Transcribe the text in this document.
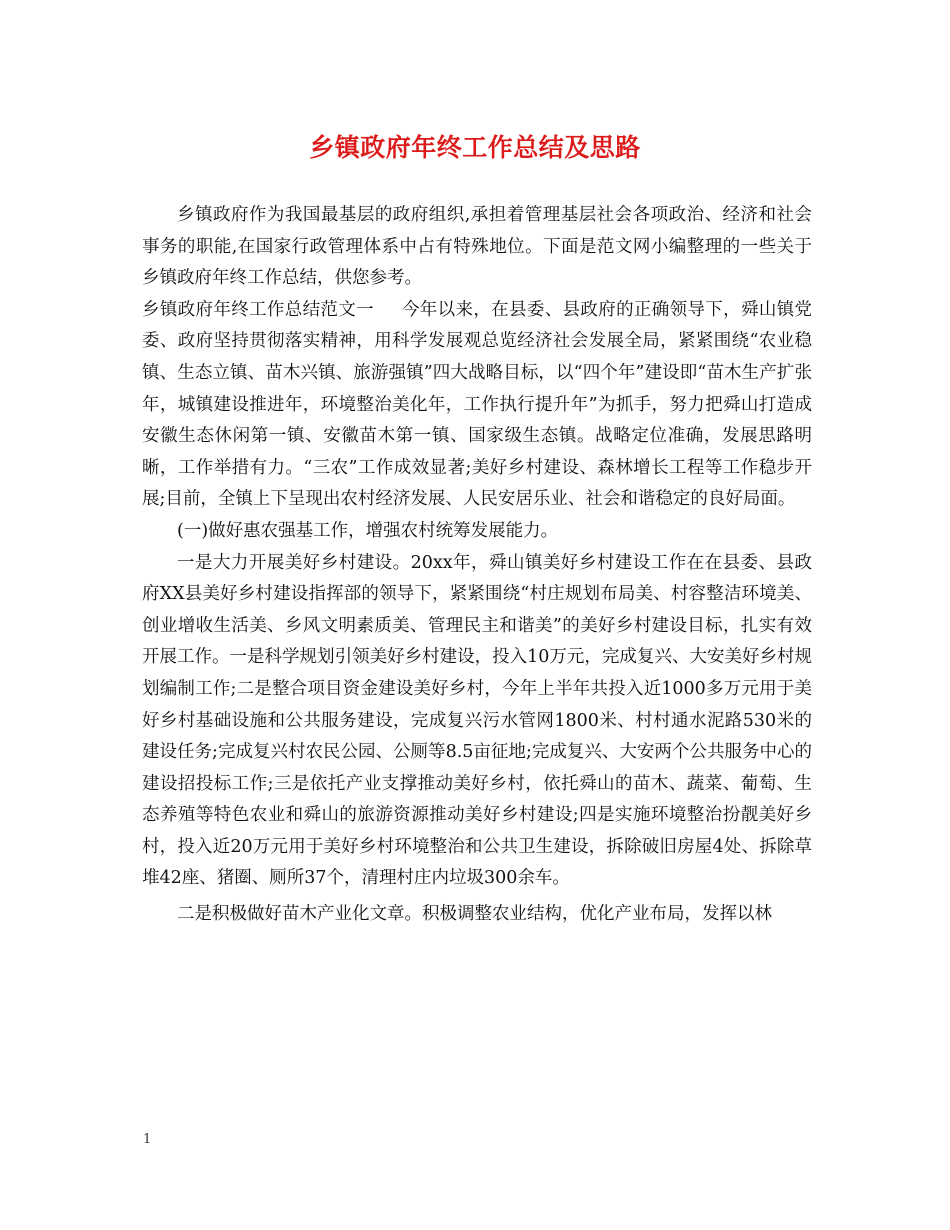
乡镇政府年终工作总结及思路

乡镇政府作为我国最基层的政府组织,承担着管理基层社会各项政治、经济和社会事务的职能,在国家行政管理体系中占有特殊地位。下面是范文网小编整理的一些关于乡镇政府年终工作总结，供您参考。

乡镇政府年终工作总结范文一 今年以来，在县委、县政府的正确领导下，舜山镇党委、政府坚持贯彻落实精神，用科学发展观总览经济社会发展全局，紧紧围绕“农业稳镇、生态立镇、苗木兴镇、旅游强镇”四大战略目标，以“四个年”建设即“苗木生产扩张年，城镇建设推进年，环境整治美化年，工作执行提升年”为抓手，努力把舜山打造成安徽生态休闲第一镇、安徽苗木第一镇、国家级生态镇。战略定位准确，发展思路明晰，工作举措有力。“三农”工作成效显著;美好乡村建设、森林增长工程等工作稳步开展;目前，全镇上下呈现出农村经济发展、人民安居乐业、社会和谐稳定的良好局面。

(一)做好惠农强基工作，增强农村统筹发展能力。

一是大力开展美好乡村建设。20xx年，舜山镇美好乡村建设工作在在县委、县政府XX县美好乡村建设指挥部的领导下，紧紧围绕“村庄规划布局美、村容整洁环境美、创业增收生活美、乡风文明素质美、管理民主和谐美”的美好乡村建设目标，扎实有效开展工作。一是科学规划引领美好乡村建设，投入10万元，完成复兴、大安美好乡村规划编制工作;二是整合项目资金建设美好乡村，今年上半年共投入近1000多万元用于美好乡村基础设施和公共服务建设，完成复兴污水管网1800米、村村通水泥路530米的建设任务;完成复兴村农民公园、公厕等8.5亩征地;完成复兴、大安两个公共服务中心的建设招投标工作;三是依托产业支撑推动美好乡村，依托舜山的苗木、蔬菜、葡萄、生态养殖等特色农业和舜山的旅游资源推动美好乡村建设;四是实施环境整治扮靓美好乡村，投入近20万元用于美好乡村环境整治和公共卫生建设，拆除破旧房屋4处、拆除草堆42座、猪圈、厕所37个，清理村庄内垃圾300余车。

二是积极做好苗木产业化文章。积极调整农业结构，优化产业布局，发挥以林

1
